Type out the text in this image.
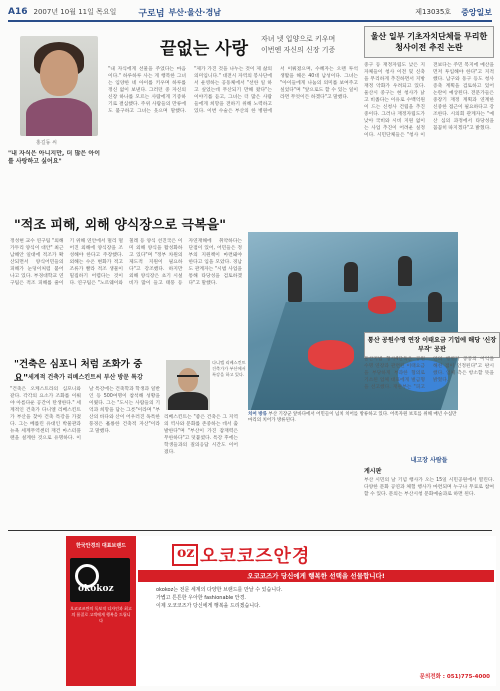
A16 2007년 10월 11일 목요일 구로넘 부산·울산·경남	제13035호 중앙일보
홍길동 씨
끝없는 사랑 자녀 넷 입양으로 키우며
이번엔 자신의 신장 기증
"내 자식에게 선물을 주었다는 마음 이다." 하루하루 사는 게 행복한 그녀는 입양한 네 아이를 키우며 하루를 정신 없이 보낸다. 그러던 중 자신의 신장 하나를 모르는 사람에게 기증하기로 결심했다. 주위 사람들의 만류에도 불구하고 그녀는 웃으며 말했다. "제가 가진 것을 나누는 것이 제 삶의 의미입니다." 대전시 자역의 봉사단에서 운영하는 공동체에서 "선한 일 하고 싶었는데 무산되기 만해 왔다"는 이야기를 듣고, 그녀는 더 많은 사람들에게 희망을 전하기 위해 노력하고 있다. 이번 수술은 부산의 한 병원에서 이뤄졌으며, 수혜자는 오랜 투석 생활을 해온 40대 남성이다. 그녀는 "아이들에게 나눔의 의미를 보여주고 싶었다"며 "앞으로도 할 수 있는 일이라면 무엇이든 하겠다"고 말했다.
"내 자식은 아니지만, 더 많은 아이를 사랑하고 싶어요"
울산 일부 기초자치단체들 무리한 청사이전 추진 논란
중구 등 재정자립도 낮은 지자체들이 청사 이전 및 신축을 무리하게 추진하면서 지방재정 악화가 우려되고 있다. 울산시 중구는 현 청사가 낡고 비좁다는 이유로 수백억원이 드는 신청사 건립을 추진 중이다. 그러나 재정자립도가 낮아 국비와 시비 지원 없이는 사업 추진이 어려운 실정이다. 시민단체들은 "청사 이전보다는 주민 복지에 예산을 먼저 투입해야 한다"고 지적했다. 남구와 동구 등도 청사 증축 계획을 검토하고 있어 논란이 예상된다. 전문가들은 중장기 재정 계획과 연계한 신중한 접근이 필요하다고 강조한다. 시의회 관계자는 "예산 심의 과정에서 타당성을 꼼꼼히 따지겠다"고 밝혔다.
"적조 피해, 외해 양식장으로 극복을"
정성현 교수 연구팀 "외해 가두리 양식이 대안" 최근 남해안 일대에 적조가 확산되면서 양식어민들의 피해가 눈덩이처럼 불어나고 있다. 부경대학교 연구팀은 적조 피해를 줄이기 위해 연안에서 멀리 떨어진 외해에 양식장을 조성해야 한다고 주장했다. 외해는 수온 변화가 적고 조류가 빨라 적조 생물이 밀집하기 어렵다는 것이다. 연구팀은 "노르웨이와 칠레 등 양식 선진국은 이미 외해 양식을 활성화하고 있다"며 "정부 차원의 제도적 지원이 필요하다"고 강조했다. 하지만 외해 양식장은 초기 시설비가 많이 들고 태풍 등 자연재해에 취약하다는 단점이 있어, 어민들은 정부의 지원책이 마련돼야 한다고 입을 모았다. 경남도 관계자는 "시범 사업을 통해 타당성을 검토하겠다"고 말했다.
치어 방류 부산 기장군 앞바다에서 어민들이 넙치 치어를 방류하고 있다. 어족자원 보호를 위해 매년 수십만 마리의 치어가 방류된다.
"건축은 심포니 처럼 조화가 중요" 세계적 건축가 리베스킨트씨 부산 방문 특강
"건축은 오케스트라의 심포니와 같다. 각각의 요소가 조화를 이뤄야 아름다운 공간이 탄생한다." 세계적인 건축가 다니엘 리베스킨트가 부산을 찾아 건축 특강을 가졌다. 그는 베를린 유대인 박물관과 뉴욕 세계무역센터 재건 마스터플랜을 설계한 것으로 유명하다. 이날 특강에는 건축학과 학생과 일반인 등 500여명이 참석해 성황을 이뤘다. 그는 "도시는 사람들의 기억과 희망을 담는 그릇"이라며 "부산의 바다와 산이 어우러진 독특한 풍경은 훌륭한 건축적 자산"이라고 말했다.
다니엘 리베스킨트 건축가가 부산에서 특강을 하고 있다.
리베스킨트는 "좋은 건축은 그 지역의 역사와 문화를 존중하는 데서 출발한다"며 "부산이 가진 잠재력은 무한하다"고 덧붙였다. 특강 후에는 학생들과의 질의응답 시간도 이어졌다.
통산 공원수명 연장 이태요금 기업에 해당 '신장부작' 공판
울산지법 형사4단독은 공원 수명 연장과 관련된 이태요금을 부당하게 부과한 혐의로 기소된 업체 대표에게 벌금형을 선고했다. 재판부는 "피고인의 행위가 공공의 이익을 해친 점이 인정된다"고 판시했다. 업체 측은 항소할 뜻을 밝혔다.
내고장 사람들
게시판
부산 시민의 날 기념 행사가 오는 15일 시민공원에서 열린다. 다양한 문화 공연과 체험 행사가 마련되며 누구나 무료로 참여할 수 있다. 문의는 부산시청 문화예술과로 하면 된다.
한국안경의 대표브랜드
okokoz
오코코즈만의 독보적 디자인과 최고의 품질로 고객에게 행복을 드립니다
oz 오코코즈안경
오코코즈가 당신에게 행복한 선택을 선물합니다!
okokoz는 전문 세계의 다양한 브랜드를 만날 수 있습니다.
가볍고 튼튼한 우아한 fashionable 안경.
이제 오코코즈가 당신에게 행복을 드리겠습니다.
문의전화 : 051)775-4000
